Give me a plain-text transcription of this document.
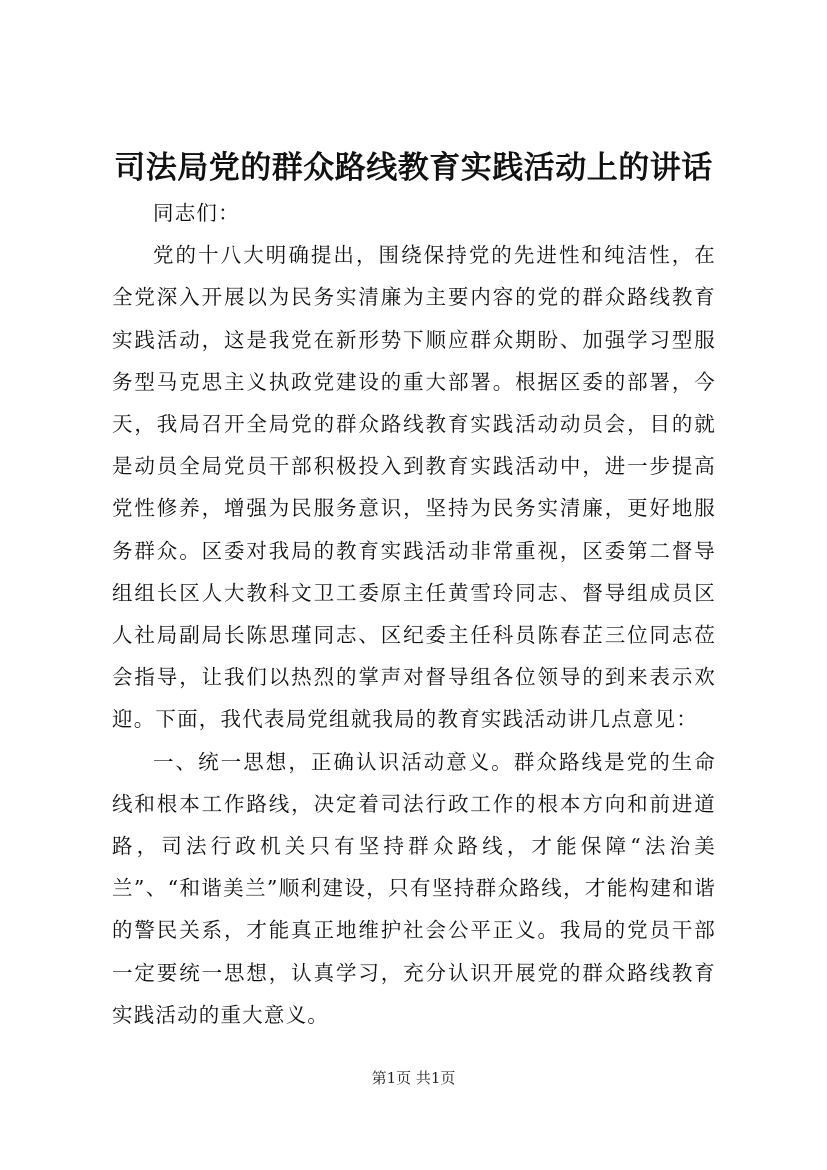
司法局党的群众路线教育实践活动上的讲话

同志们：

党的十八大明确提出，围绕保持党的先进性和纯洁性，在全党深入开展以为民务实清廉为主要内容的党的群众路线教育实践活动，这是我党在新形势下顺应群众期盼、加强学习型服务型马克思主义执政党建设的重大部署。根据区委的部署，今天，我局召开全局党的群众路线教育实践活动动员会，目的就是动员全局党员干部积极投入到教育实践活动中，进一步提高党性修养，增强为民服务意识，坚持为民务实清廉，更好地服务群众。区委对我局的教育实践活动非常重视，区委第二督导组组长区人大教科文卫工委原主任黄雪玲同志、督导组成员区人社局副局长陈思瑾同志、区纪委主任科员陈春芷三位同志莅会指导，让我们以热烈的掌声对督导组各位领导的到来表示欢迎。下面，我代表局党组就我局的教育实践活动讲几点意见：

一、统一思想，正确认识活动意义。群众路线是党的生命线和根本工作路线，决定着司法行政工作的根本方向和前进道路，司法行政机关只有坚持群众路线，才能保障“法治美兰”、“和谐美兰”顺利建设，只有坚持群众路线，才能构建和谐的警民关系，才能真正地维护社会公平正义。我局的党员干部一定要统一思想，认真学习，充分认识开展党的群众路线教育实践活动的重大意义。

第1页 共1页
